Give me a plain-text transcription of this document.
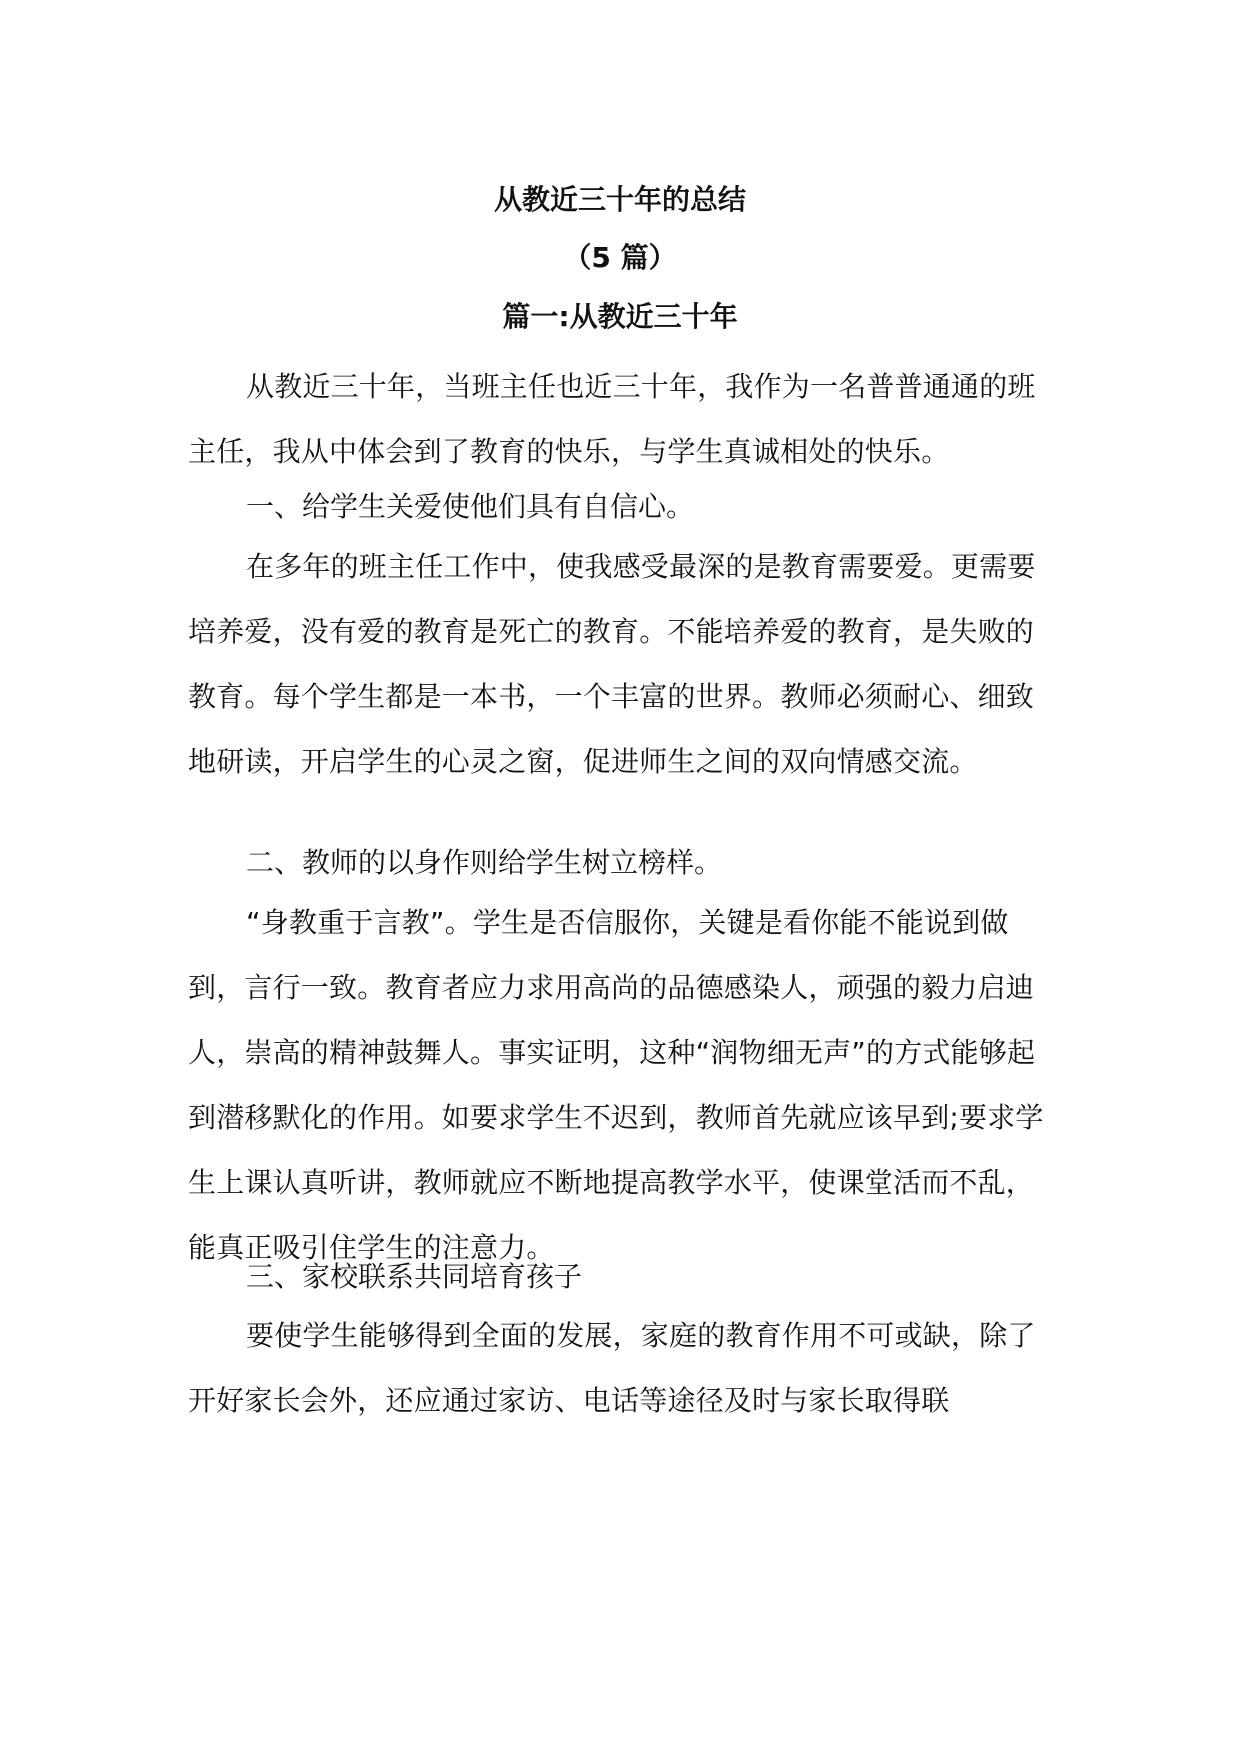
从教近三十年的总结
（5 篇）
篇一:从教近三十年

从教近三十年，当班主任也近三十年，我作为一名普普通通的班主任，我从中体会到了教育的快乐，与学生真诚相处的快乐。

一、给学生关爱使他们具有自信心。

在多年的班主任工作中，使我感受最深的是教育需要爱。更需要培养爱，没有爱的教育是死亡的教育。不能培养爱的教育，是失败的教育。每个学生都是一本书，一个丰富的世界。教师必须耐心、细致地研读，开启学生的心灵之窗，促进师生之间的双向情感交流。

二、教师的以身作则给学生树立榜样。

“身教重于言教”。学生是否信服你，关键是看你能不能说到做到，言行一致。教育者应力求用高尚的品德感染人，顽强的毅力启迪人，崇高的精神鼓舞人。事实证明，这种“润物细无声”的方式能够起到潜移默化的作用。如要求学生不迟到，教师首先就应该早到;要求学生上课认真听讲，教师就应不断地提高教学水平，使课堂活而不乱，能真正吸引住学生的注意力。

三、家校联系共同培育孩子

要使学生能够得到全面的发展，家庭的教育作用不可或缺，除了开好家长会外，还应通过家访、电话等途径及时与家长取得联
